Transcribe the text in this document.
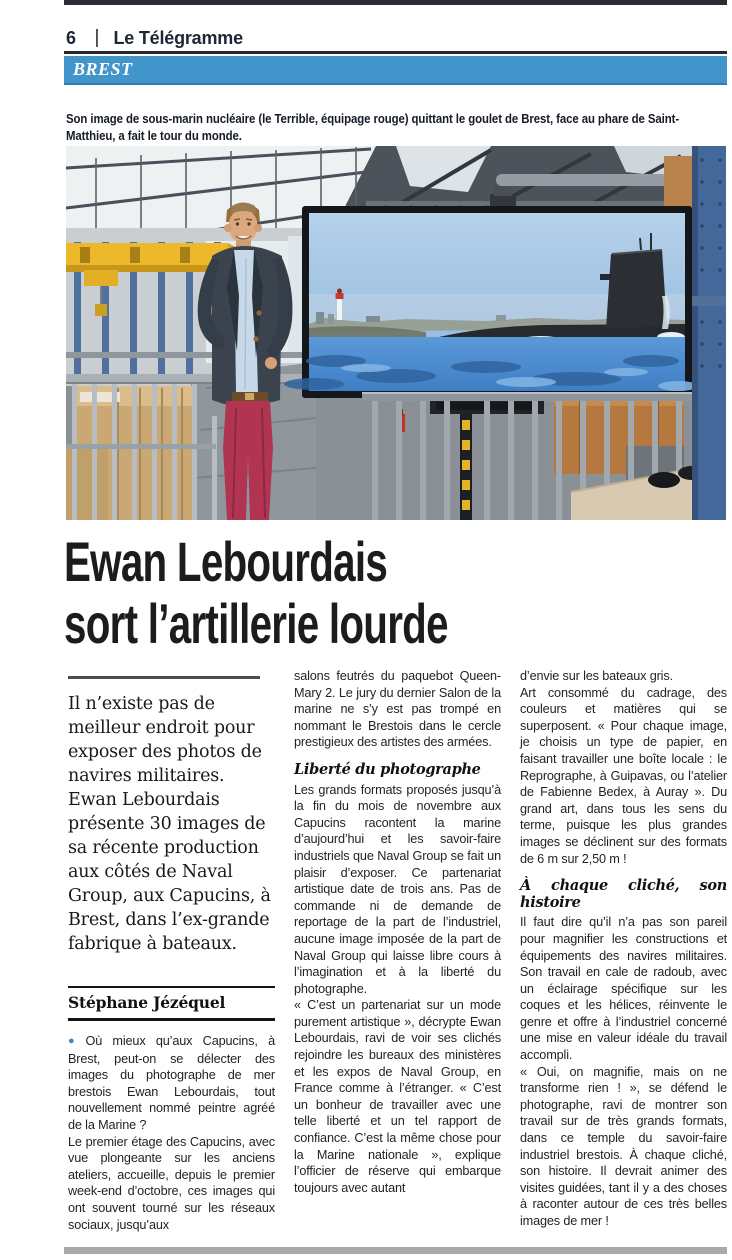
6 | Le Télégramme
BREST
Son image de sous-marin nucléaire (le Terrible, équipage rouge) quittant le goulet de Brest, face au phare de Saint-Matthieu, a fait le tour du monde.
Ewan Lebourdais
sort l’artillerie lourde
Il n’existe pas de meilleur endroit pour exposer des photos de navires militaires. Ewan Lebourdais présente 30 images de sa récente production aux côtés de Naval Group, aux Capucins, à Brest, dans l’ex-grande fabrique à bateaux.
Stéphane Jézéquel

● Où mieux qu’aux Capucins, à Brest, peut-on se délecter des images du photographe de mer brestois Ewan Lebourdais, tout nouvellement nommé peintre agréé de la Marine ?

Le premier étage des Capucins, avec vue plongeante sur les anciens ateliers, accueille, depuis le premier week-end d’octobre, ces images qui ont souvent tourné sur les réseaux sociaux, jusqu’aux

salons feutrés du paquebot Queen-Mary 2. Le jury du dernier Salon de la marine ne s’y est pas trompé en nommant le Brestois dans le cercle prestigieux des artistes des armées.

Liberté du photographe

Les grands formats proposés jusqu’à la fin du mois de novembre aux Capucins racontent la marine d’aujourd’hui et les savoir-faire industriels que Naval Group se fait un plaisir d’exposer. Ce partenariat artistique date de trois ans. Pas de commande ni de demande de reportage de la part de l’industriel, aucune image imposée de la part de Naval Group qui laisse libre cours à l’imagination et à la liberté du photographe.

« C’est un partenariat sur un mode purement artistique », décrypte Ewan Lebourdais, ravi de voir ses clichés rejoindre les bureaux des ministères et les expos de Naval Group, en France comme à l’étranger. « C’est un bonheur de travailler avec une telle liberté et un tel rapport de confiance. C’est la même chose pour la Marine nationale », explique l’officier de réserve qui embarque toujours avec autant

d’envie sur les bateaux gris.

Art consommé du cadrage, des couleurs et matières qui se superposent. « Pour chaque image, je choisis un type de papier, en faisant travailler une boîte locale : le Reprographe, à Guipavas, ou l’atelier de Fabienne Bedex, à Auray ». Du grand art, dans tous les sens du terme, puisque les plus grandes images se déclinent sur des formats de 6 m sur 2,50 m !

À chaque cliché, son histoire

Il faut dire qu’il n’a pas son pareil pour magnifier les constructions et équipements des navires militaires. Son travail en cale de radoub, avec un éclairage spécifique sur les coques et les hélices, réinvente le genre et offre à l’industriel concerné une mise en valeur idéale du travail accompli.

« Oui, on magnifie, mais on ne transforme rien ! », se défend le photographe, ravi de montrer son travail sur de très grands formats, dans ce temple du savoir-faire industriel brestois. À chaque cliché, son histoire. Il devrait animer des visites guidées, tant il y a des choses à raconter autour de ces très belles images de mer !
